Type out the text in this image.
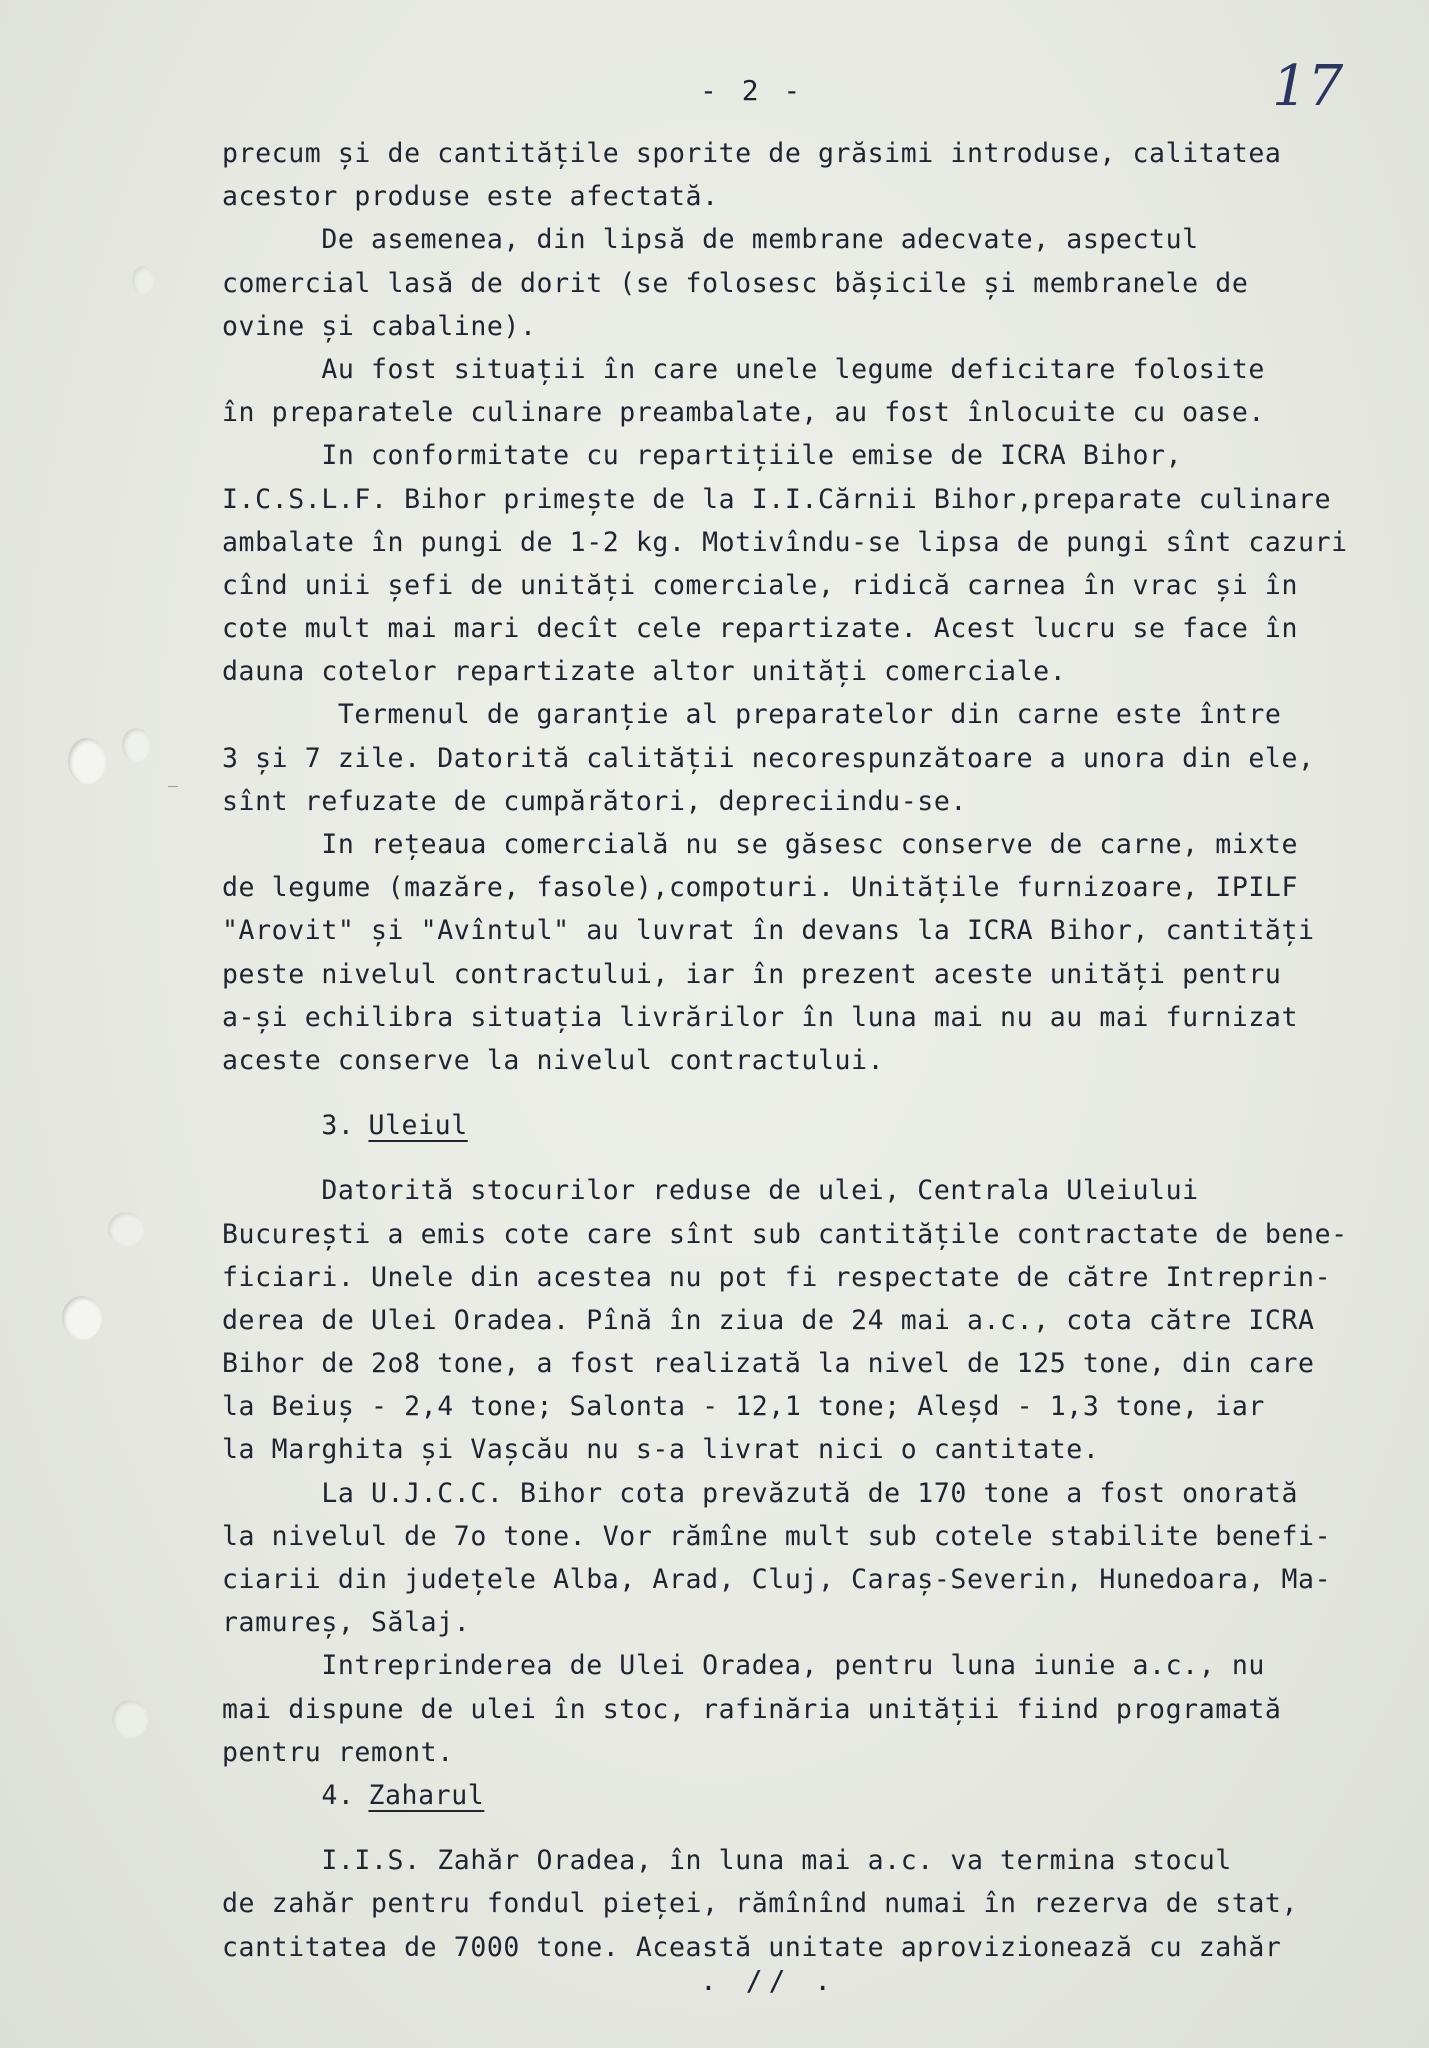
- 2 -	17
precum și de cantitățile sporite de grăsimi introduse, calitatea
acestor produse este afectată.
De asemenea, din lipsă de membrane adecvate, aspectul
comercial lasă de dorit (se folosesc bășicile și membranele de
ovine și cabaline).
Au fost situații în care unele legume deficitare folosite
în preparatele culinare preambalate, au fost înlocuite cu oase.
In conformitate cu repartițiile emise de ICRA Bihor,
I.C.S.L.F. Bihor primește de la I.I.Cărnii Bihor,preparate culinare
ambalate în pungi de 1-2 kg. Motivîndu-se lipsa de pungi sînt cazuri
cînd unii șefi de unități comerciale, ridică carnea în vrac și în
cote mult mai mari decît cele repartizate. Acest lucru se face în
dauna cotelor repartizate altor unități comerciale.
Termenul de garanție al preparatelor din carne este între
3 și 7 zile. Datorită calității necorespunzătoare a unora din ele,
sînt refuzate de cumpărători, depreciindu-se.
In rețeaua comercială nu se găsesc conserve de carne, mixte
de legume (mazăre, fasole),compoturi. Unitățile furnizoare, IPILF
"Arovit" și "Avîntul" au luvrat în devans la ICRA Bihor, cantități
peste nivelul contractului, iar în prezent aceste unități pentru
a-și echilibra situația livrărilor în luna mai nu au mai furnizat
aceste conserve la nivelul contractului.
3. Uleiul
Datorită stocurilor reduse de ulei, Centrala Uleiului
București a emis cote care sînt sub cantitățile contractate de bene-
ficiari. Unele din acestea nu pot fi respectate de către Intreprin-
derea de Ulei Oradea. Pînă în ziua de 24 mai a.c., cota către ICRA
Bihor de 2o8 tone, a fost realizată la nivel de 125 tone, din care
la Beiuș - 2,4 tone; Salonta - 12,1 tone; Aleșd - 1,3 tone, iar
la Marghita și Vașcău nu s-a livrat nici o cantitate.
La U.J.C.C. Bihor cota prevăzută de 170 tone a fost onorată
la nivelul de 7o tone. Vor rămîne mult sub cotele stabilite benefi-
ciarii din județele Alba, Arad, Cluj, Caraș-Severin, Hunedoara, Ma-
ramureș, Sălaj.
Intreprinderea de Ulei Oradea, pentru luna iunie a.c., nu
mai dispune de ulei în stoc, rafinăria unității fiind programată
pentru remont.
4. Zaharul
I.I.S. Zahăr Oradea, în luna mai a.c. va termina stocul
de zahăr pentru fondul pieței, rămînînd numai în rezerva de stat,
cantitatea de 7000 tone. Această unitate aprovizionează cu zahăr
. // .
